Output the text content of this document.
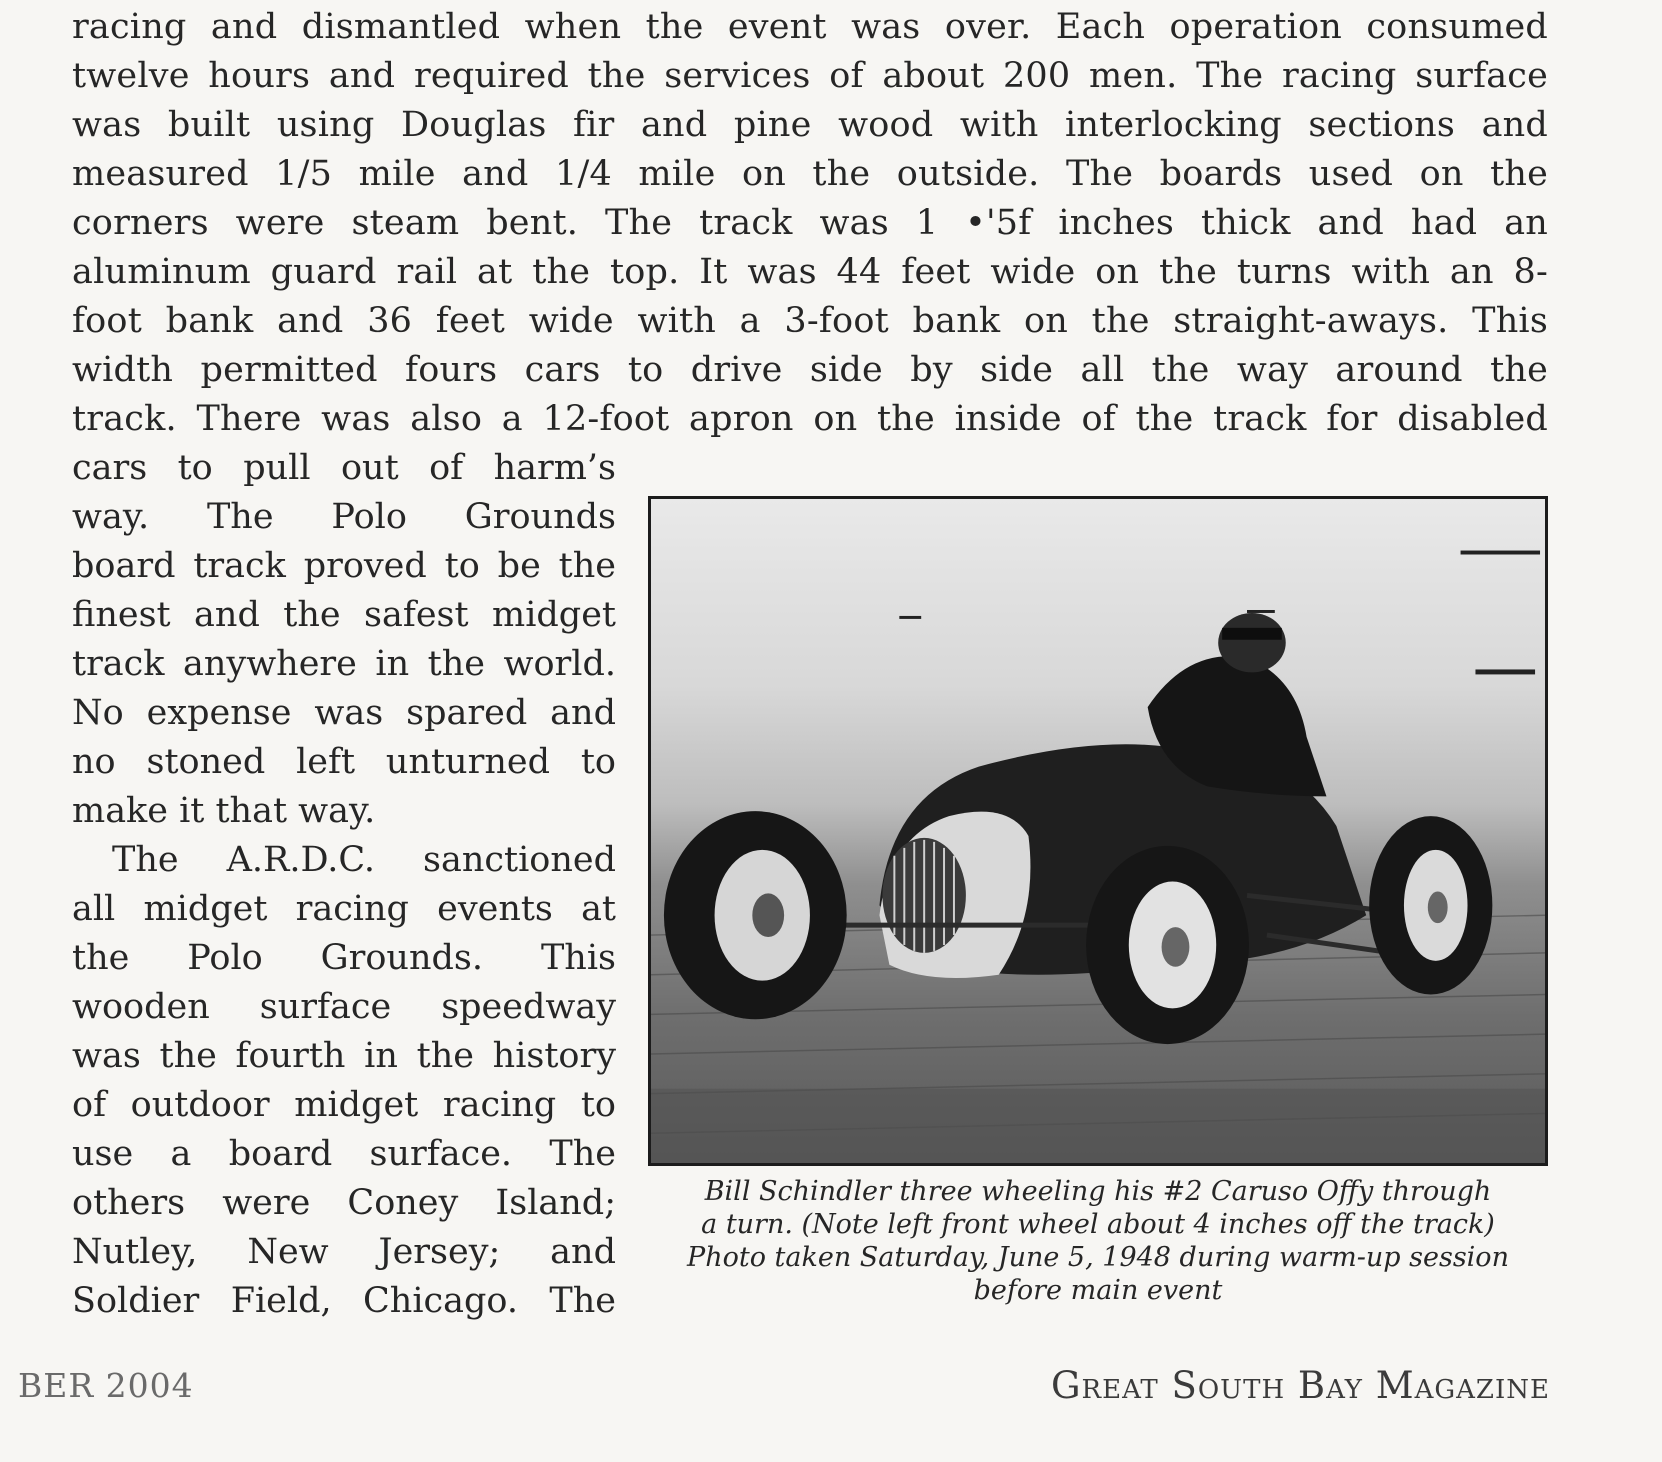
racing and dismantled when the event was over. Each operation consumed
twelve hours and required the services of about 200 men. The racing surface
was built using Douglas fir and pine wood with interlocking sections and
measured 1/5 mile and 1/4 mile on the outside. The boards used on the
corners were steam bent. The track was 1 •'5f inches thick and had an
aluminum guard rail at the top. It was 44 feet wide on the turns with an 8-
foot bank and 36 feet wide with a 3-foot bank on the straight-aways. This
width permitted fours cars to drive side by side all the way around the
track. There was also a 12-foot apron on the inside of the track for disabled
cars to pull out of harm’s
way. The Polo Grounds
board track proved to be the
finest and the safest midget
track anywhere in the world.
No expense was spared and
no stoned left unturned to
make it that way.
The A.R.D.C. sanctioned
all midget racing events at
the Polo Grounds. This
wooden surface speedway
was the fourth in the history
of outdoor midget racing to
use a board surface. The
others were Coney Island;
Nutley, New Jersey; and
Soldier Field, Chicago. The
Bill Schindler three wheeling his #2 Caruso Offy through
a turn. (Note left front wheel about 4 inches off the track)
Photo taken Saturday, June 5, 1948 during warm-up session
before main event
BER 2004	Great South Bay Magazine
